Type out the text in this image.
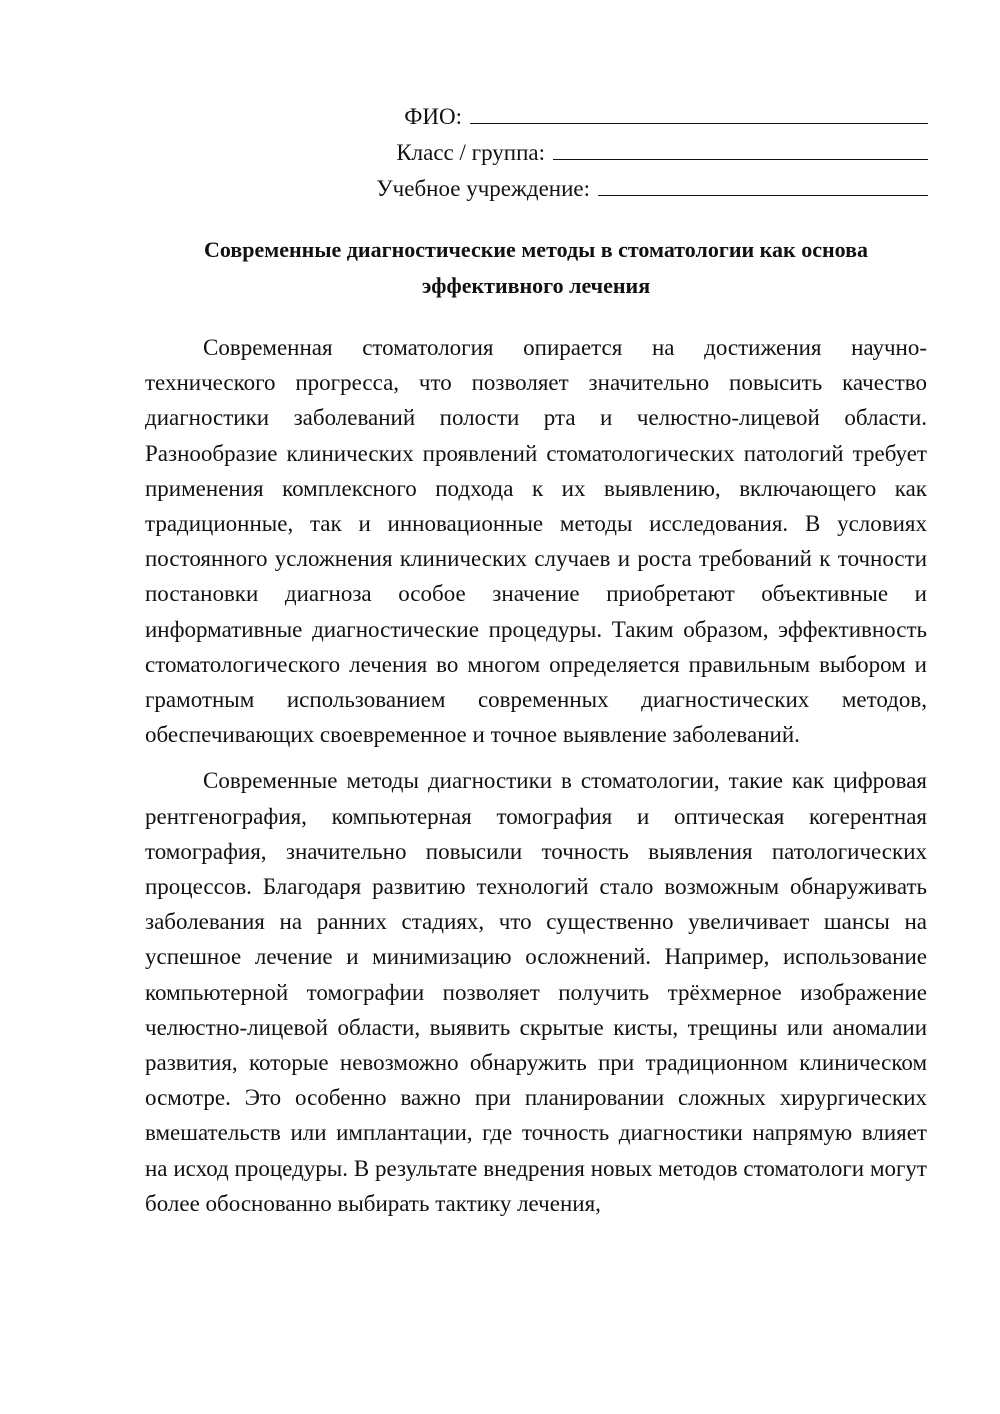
ФИО:
Класс / группа:
Учебное учреждение:
Современные диагностические методы в стоматологии как основа
эффективного лечения

Современная стоматология опирается на достижения научно-технического прогресса, что позволяет значительно повысить качество диагностики заболеваний полости рта и челюстно-лицевой области. Разнообразие клинических проявлений стоматологических патологий требует применения комплексного подхода к их выявлению, включающего как традиционные, так и инновационные методы исследования. В условиях постоянного усложнения клинических случаев и роста требований к точности постановки диагноза особое значение приобретают объективные и информативные диагностические процедуры. Таким образом, эффективность стоматологического лечения во многом определяется правильным выбором и грамотным использованием современных диагностических методов, обеспечивающих своевременное и точное выявление заболеваний.

Современные методы диагностики в стоматологии, такие как цифровая рентгенография, компьютерная томография и оптическая когерентная томография, значительно повысили точность выявления патологических процессов. Благодаря развитию технологий стало возможным обнаруживать заболевания на ранних стадиях, что существенно увеличивает шансы на успешное лечение и минимизацию осложнений. Например, использование компьютерной томографии позволяет получить трёхмерное изображение челюстно-лицевой области, выявить скрытые кисты, трещины или аномалии развития, которые невозможно обнаружить при традиционном клиническом осмотре. Это особенно важно при планировании сложных хирургических вмешательств или имплантации, где точность диагностики напрямую влияет на исход процедуры. В результате внедрения новых методов стоматологи могут более обоснованно выбирать тактику лечения,
